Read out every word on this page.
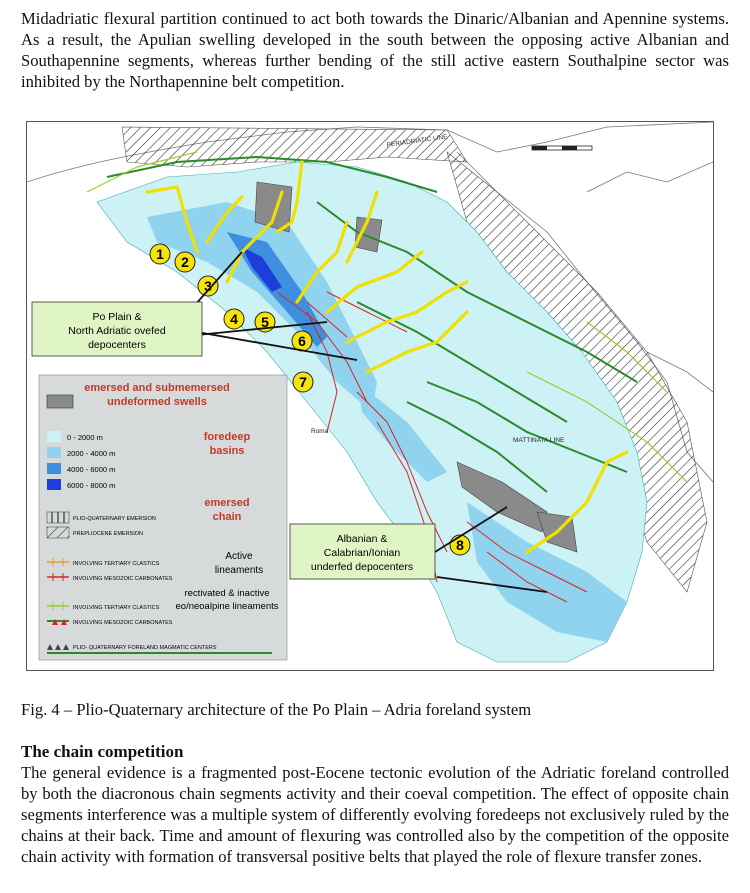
Midadriatic flexural partition continued to act both towards the Dinaric/Albanian and Apennine systems. As a result, the Apulian swelling developed in the south between the opposing active Albanian and Southapennine segments, whereas further bending of the still active eastern Southalpine sector was inhibited by the Northapennine belt competition.

PERIADRIATIC LINE
MATTINATA LINE
Roma
1 2
3
4 5
6
7
8
Po Plain &
North Adriatic ovefed
depocenters
Albanian &
Calabrian/Ionian
underfed depocenters
emersed and submemersed
undeformed swells
0 - 2000 m
2000 - 4000 m
4000 - 6000 m
6000 - 8000 m
foredeep
basins
emersed
chain
PLIO-QUATERNARY EMERSION
PREPLIOCENE EMERSION
Active
lineaments
INVOLVING TERTIARY CLASTICS
INVOLVING MESOZOIC CARBONATES
rectivated & inactive
eo/neoalpine lineaments
INVOLVING TERTIARY CLASTICS
INVOLVING MESOZOIC CARBONATES
PLIO- QUATERNARY FORELAND MAGMATIC CENTERS

Fig. 4 – Plio-Quaternary architecture of the Po Plain – Adria foreland system

The chain competition

The general evidence is a fragmented post-Eocene tectonic evolution of the Adriatic foreland controlled by both the diacronous chain segments activity and their coeval competition. The effect of opposite chain segments interference was a multiple system of differently evolving foredeeps not exclusively ruled by the chains at their back. Time and amount of flexuring was controlled also by the competition of the opposite chain activity with formation of transversal positive belts that played the role of flexure transfer zones.
